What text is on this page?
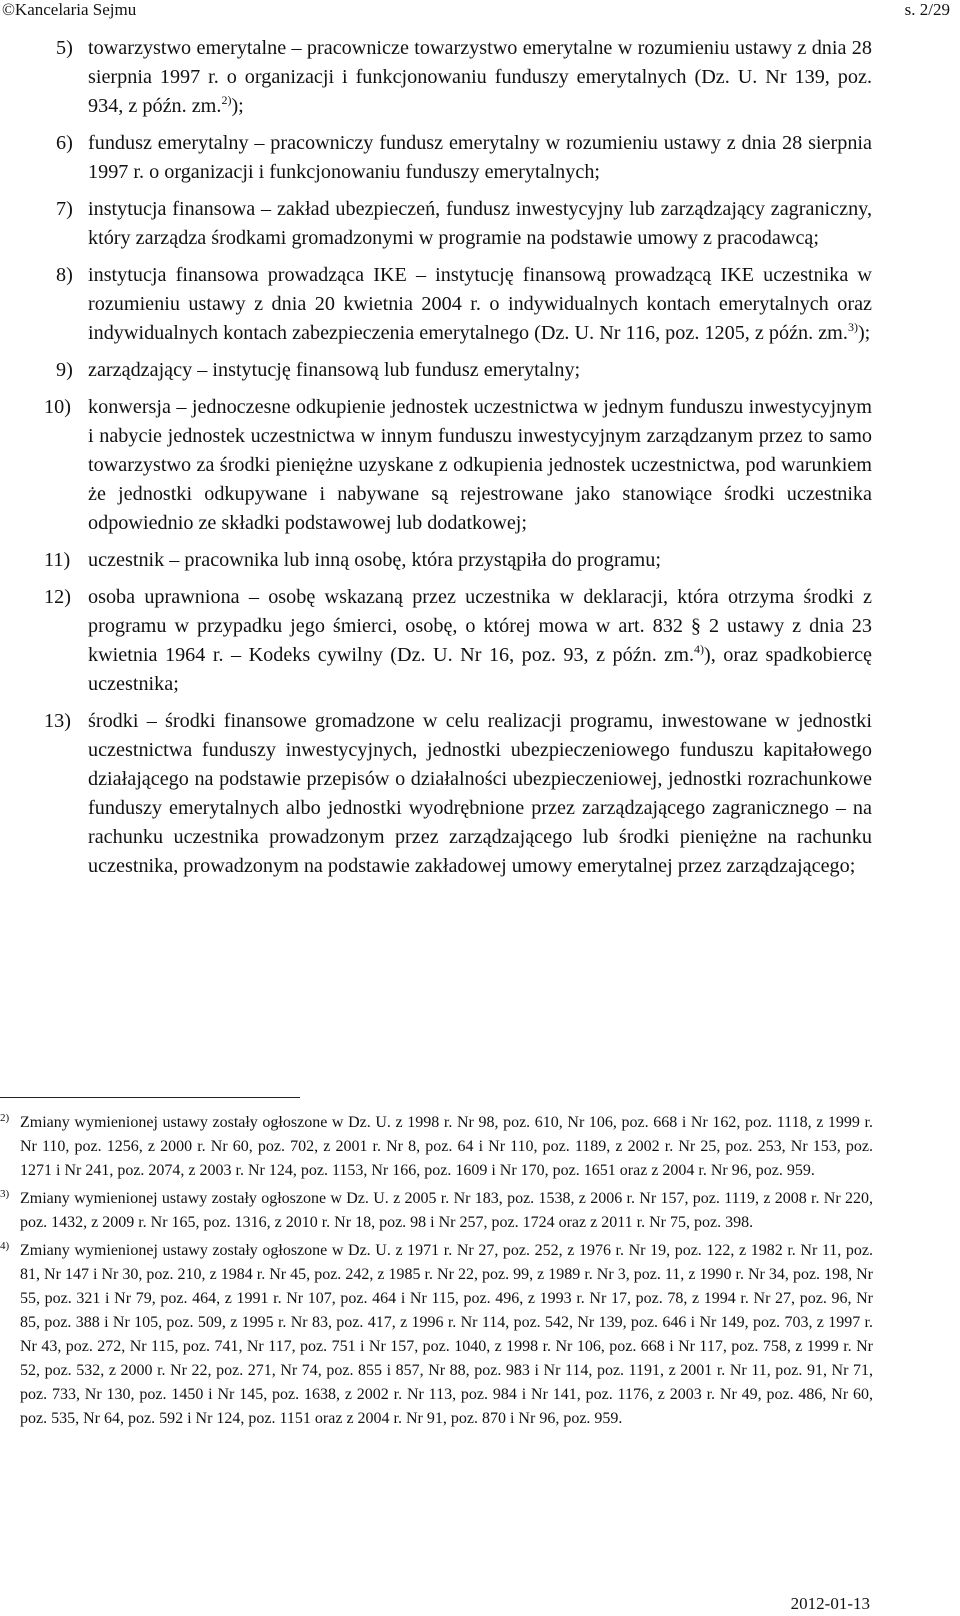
©Kancelaria Sejmu	s. 2/29
5) towarzystwo emerytalne – pracownicze towarzystwo emerytalne w rozumieniu ustawy z dnia 28 sierpnia 1997 r. o organizacji i funkcjonowaniu funduszy emerytalnych (Dz. U. Nr 139, poz. 934, z późn. zm.$^{2)}$);
6) fundusz emerytalny – pracowniczy fundusz emerytalny w rozumieniu ustawy z dnia 28 sierpnia 1997 r. o organizacji i funkcjonowaniu funduszy emerytalnych;
7) instytucja finansowa – zakład ubezpieczeń, fundusz inwestycyjny lub zarządzający zagraniczny, który zarządza środkami gromadzonymi w programie na podstawie umowy z pracodawcą;
8) instytucja finansowa prowadząca IKE – instytucję finansową prowadzącą IKE uczestnika w rozumieniu ustawy z dnia 20 kwietnia 2004 r. o indywidualnych kontach emerytalnych oraz indywidualnych kontach zabezpieczenia emerytalnego (Dz. U. Nr 116, poz. 1205, z późn. zm.$^{3)}$);
9) zarządzający – instytucję finansową lub fundusz emerytalny;
10) konwersja – jednoczesne odkupienie jednostek uczestnictwa w jednym funduszu inwestycyjnym i nabycie jednostek uczestnictwa w innym funduszu inwestycyjnym zarządzanym przez to samo towarzystwo za środki pieniężne uzyskane z odkupienia jednostek uczestnictwa, pod warunkiem że jednostki odkupywane i nabywane są rejestrowane jako stanowiące środki uczestnika odpowiednio ze składki podstawowej lub dodatkowej;
11) uczestnik – pracownika lub inną osobę, która przystąpiła do programu;
12) osoba uprawniona – osobę wskazaną przez uczestnika w deklaracji, która otrzyma środki z programu w przypadku jego śmierci, osobę, o której mowa w art. 832 § 2 ustawy z dnia 23 kwietnia 1964 r. – Kodeks cywilny (Dz. U. Nr 16, poz. 93, z późn. zm.$^{4)}$), oraz spadkobiercę uczestnika;
13) środki – środki finansowe gromadzone w celu realizacji programu, inwestowane w jednostki uczestnictwa funduszy inwestycyjnych, jednostki ubezpieczeniowego funduszu kapitałowego działającego na podstawie przepisów o działalności ubezpieczeniowej, jednostki rozrachunkowe funduszy emerytalnych albo jednostki wyodrębnione przez zarządzającego zagranicznego – na rachunku uczestnika prowadzonym przez zarządzającego lub środki pieniężne na rachunku uczestnika, prowadzonym na podstawie zakładowej umowy emerytalnej przez zarządzającego;
2) Zmiany wymienionej ustawy zostały ogłoszone w Dz. U. z 1998 r. Nr 98, poz. 610, Nr 106, poz. 668 i Nr 162, poz. 1118, z 1999 r. Nr 110, poz. 1256, z 2000 r. Nr 60, poz. 702, z 2001 r. Nr 8, poz. 64 i Nr 110, poz. 1189, z 2002 r. Nr 25, poz. 253, Nr 153, poz. 1271 i Nr 241, poz. 2074, z 2003 r. Nr 124, poz. 1153, Nr 166, poz. 1609 i Nr 170, poz. 1651 oraz z 2004 r. Nr 96, poz. 959.
3) Zmiany wymienionej ustawy zostały ogłoszone w Dz. U. z 2005 r. Nr 183, poz. 1538, z 2006 r. Nr 157, poz. 1119, z 2008 r. Nr 220, poz. 1432, z 2009 r. Nr 165, poz. 1316, z 2010 r. Nr 18, poz. 98 i Nr 257, poz. 1724 oraz z 2011 r. Nr 75, poz. 398.
4) Zmiany wymienionej ustawy zostały ogłoszone w Dz. U. z 1971 r. Nr 27, poz. 252, z 1976 r. Nr 19, poz. 122, z 1982 r. Nr 11, poz. 81, Nr 147 i Nr 30, poz. 210, z 1984 r. Nr 45, poz. 242, z 1985 r. Nr 22, poz. 99, z 1989 r. Nr 3, poz. 11, z 1990 r. Nr 34, poz. 198, Nr 55, poz. 321 i Nr 79, poz. 464, z 1991 r. Nr 107, poz. 464 i Nr 115, poz. 496, z 1993 r. Nr 17, poz. 78, z 1994 r. Nr 27, poz. 96, Nr 85, poz. 388 i Nr 105, poz. 509, z 1995 r. Nr 83, poz. 417, z 1996 r. Nr 114, poz. 542, Nr 139, poz. 646 i Nr 149, poz. 703, z 1997 r. Nr 43, poz. 272, Nr 115, poz. 741, Nr 117, poz. 751 i Nr 157, poz. 1040, z 1998 r. Nr 106, poz. 668 i Nr 117, poz. 758, z 1999 r. Nr 52, poz. 532, z 2000 r. Nr 22, poz. 271, Nr 74, poz. 855 i 857, Nr 88, poz. 983 i Nr 114, poz. 1191, z 2001 r. Nr 11, poz. 91, Nr 71, poz. 733, Nr 130, poz. 1450 i Nr 145, poz. 1638, z 2002 r. Nr 113, poz. 984 i Nr 141, poz. 1176, z 2003 r. Nr 49, poz. 486, Nr 60, poz. 535, Nr 64, poz. 592 i Nr 124, poz. 1151 oraz z 2004 r. Nr 91, poz. 870 i Nr 96, poz. 959.
2012-01-13
